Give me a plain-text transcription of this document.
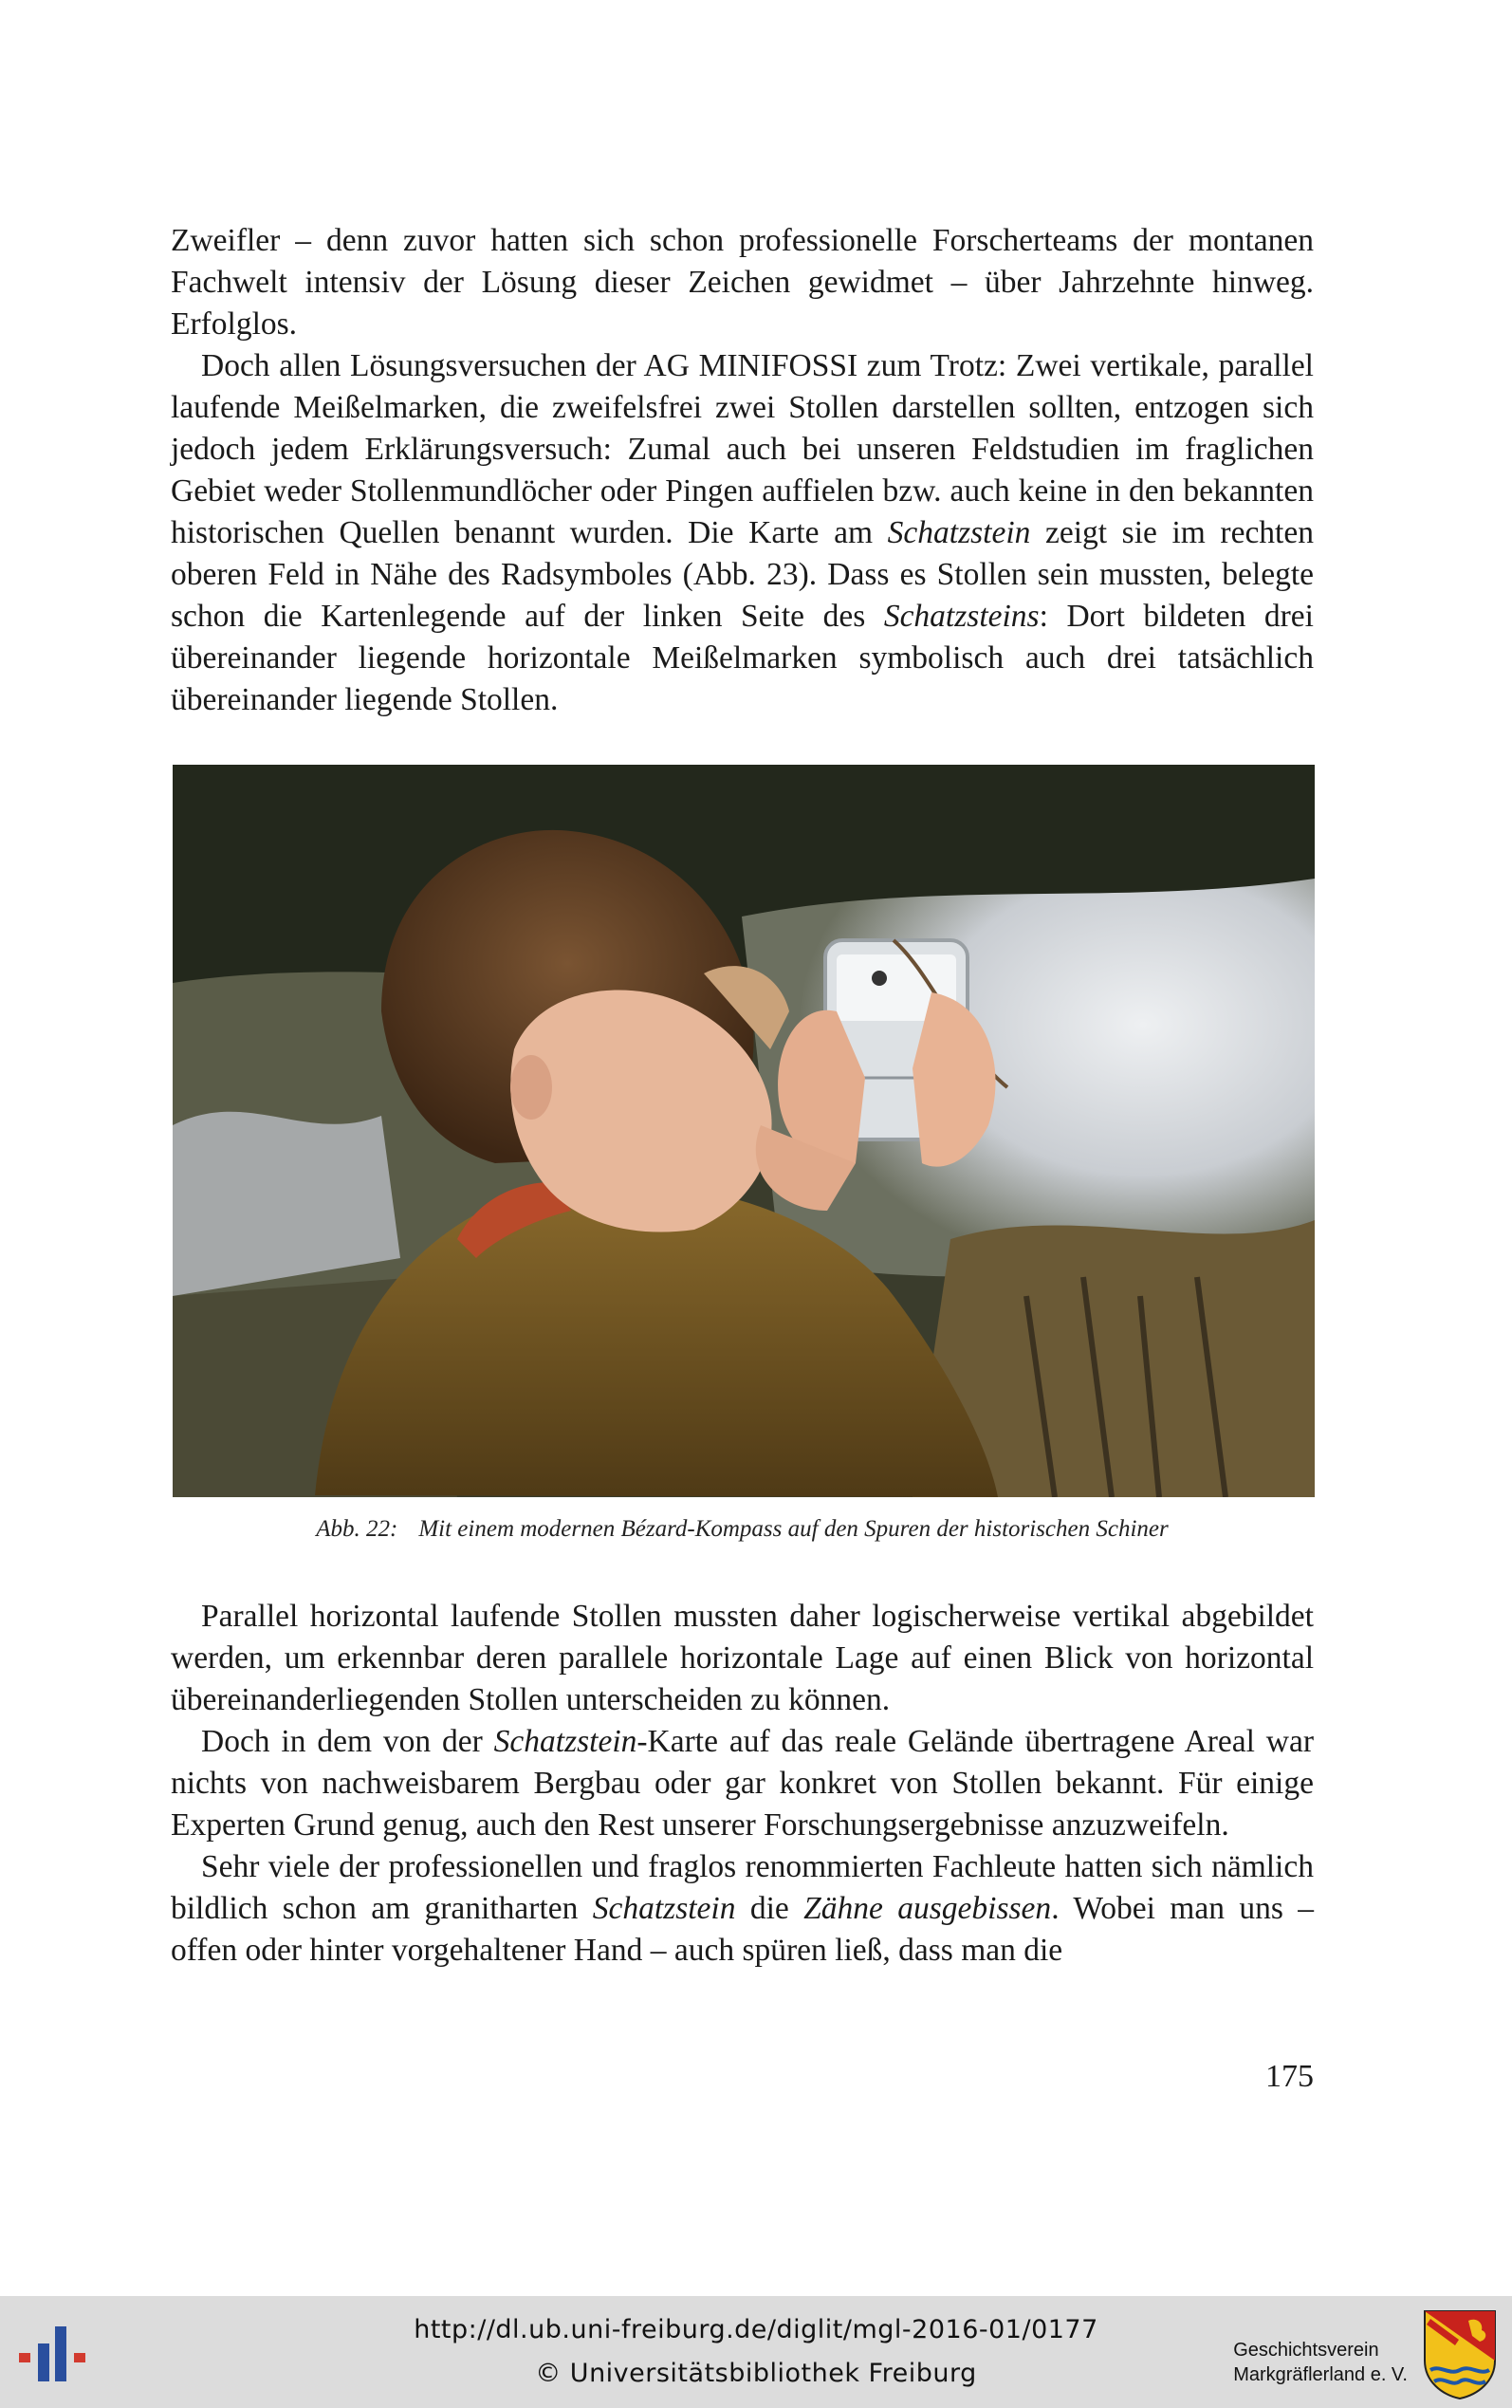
Zweifler – denn zuvor hatten sich schon professionelle Forscherteams der montanen Fachwelt intensiv der Lösung dieser Zeichen gewidmet – über Jahrzehnte hinweg. Erfolglos.

Doch allen Lösungsversuchen der AG MINIFOSSI zum Trotz: Zwei vertikale, parallel laufende Meißelmarken, die zweifelsfrei zwei Stollen darstellen sollten, entzogen sich jedoch jedem Erklärungsversuch: Zumal auch bei unseren Feldstudien im fraglichen Gebiet weder Stollenmundlöcher oder Pingen auffielen bzw. auch keine in den bekannten historischen Quellen benannt wurden. Die Karte am Schatzstein zeigt sie im rechten oberen Feld in Nähe des Radsymboles (Abb. 23). Dass es Stollen sein mussten, belegte schon die Kartenlegende auf der linken Seite des Schatzsteins: Dort bildeten drei übereinander liegende horizontale Meißelmarken symbolisch auch drei tatsächlich übereinander liegende Stollen.

Abb. 22: Mit einem modernen Bézard-Kompass auf den Spuren der historischen Schiner

Parallel horizontal laufende Stollen mussten daher logischerweise vertikal abgebildet werden, um erkennbar deren parallele horizontale Lage auf einen Blick von horizontal übereinanderliegenden Stollen unterscheiden zu können.

Doch in dem von der Schatzstein-Karte auf das reale Gelände übertragene Areal war nichts von nachweisbarem Bergbau oder gar konkret von Stollen bekannt. Für einige Experten Grund genug, auch den Rest unserer Forschungsergebnisse anzuzweifeln.

Sehr viele der professionellen und fraglos renommierten Fachleute hatten sich nämlich bildlich schon am granitharten Schatzstein die Zähne ausgebissen. Wobei man uns – offen oder hinter vorgehaltener Hand – auch spüren ließ, dass man die

175
http://dl.ub.uni-freiburg.de/diglit/mgl-2016-01/0177
© Universitätsbibliothek Freiburg
Geschichtsverein
Markgräflerland e. V.
